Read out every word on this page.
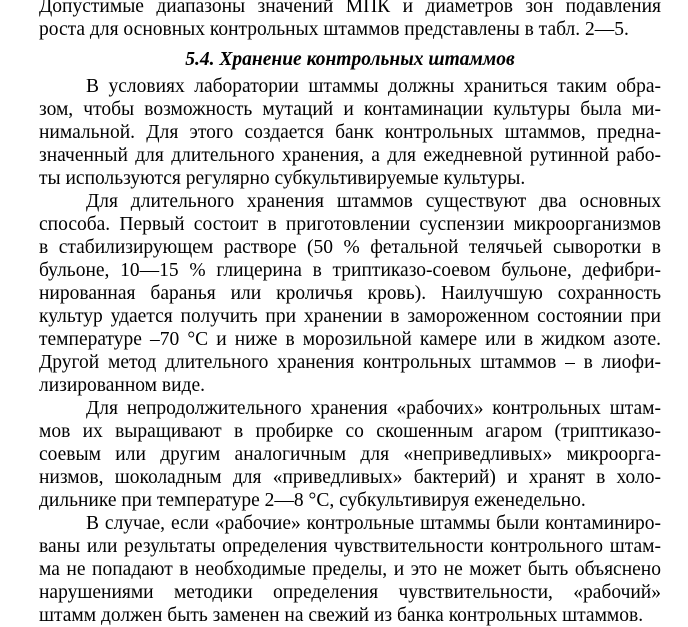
Допустимые диапазоны значений МПК и диаметров зон подавления
роста для основных контрольных штаммов представлены в табл. 2—5.
5.4. Хранение контрольных штаммов
В условиях лаборатории штаммы должны храниться таким обра-
зом, чтобы возможность мутаций и контаминации культуры была ми-
нимальной. Для этого создается банк контрольных штаммов, предна-
значенный для длительного хранения, а для ежедневной рутинной рабо-
ты используются регулярно субкультивируемые культуры.
Для длительного хранения штаммов существуют два основных
способа. Первый состоит в приготовлении суспензии микроорганизмов
в стабилизирующем растворе (50 % фетальной телячьей сыворотки в
бульоне, 10—15 % глицерина в триптиказо-соевом бульоне, дефибри-
нированная баранья или кроличья кровь). Наилучшую сохранность
культур удается получить при хранении в замороженном состоянии при
температуре –70 °С и ниже в морозильной камере или в жидком азоте.
Другой метод длительного хранения контрольных штаммов – в лиофи-
лизированном виде.
Для непродолжительного хранения «рабочих» контрольных штам-
мов их выращивают в пробирке со скошенным агаром (триптиказо-
соевым или другим аналогичным для «неприведливых» микроорга-
низмов, шоколадным для «приведливых» бактерий) и хранят в холо-
дильнике при температуре 2—8 °С, субкультивируя еженедельно.
В случае, если «рабочие» контрольные штаммы были контаминиро-
ваны или результаты определения чувствительности контрольного штам-
ма не попадают в необходимые пределы, и это не может быть объяснено
нарушениями методики определения чувствительности, «рабочий»
штамм должен быть заменен на свежий из банка контрольных штаммов.
